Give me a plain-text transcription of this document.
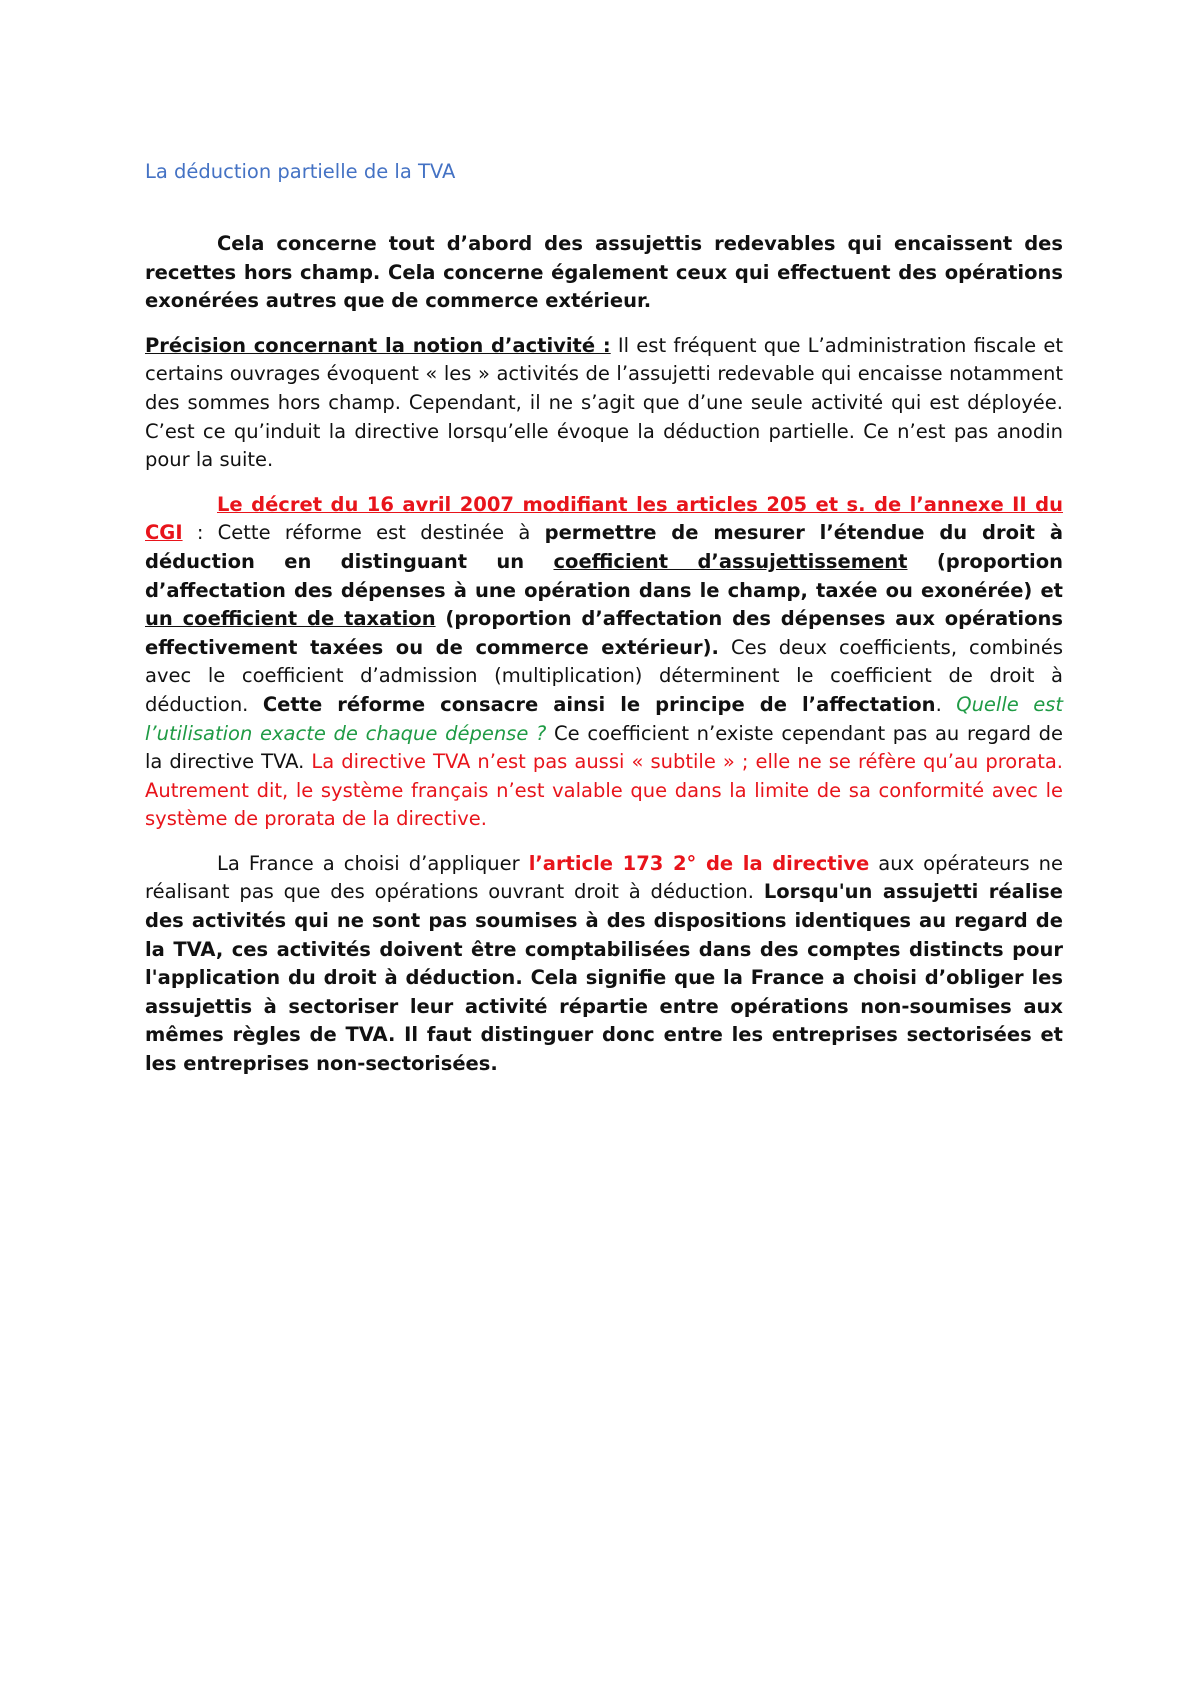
La déduction partielle de la TVA

Cela concerne tout d’abord des assujettis redevables qui encaissent des recettes hors champ. Cela concerne également ceux qui effectuent des opérations exonérées autres que de commerce extérieur.

Précision concernant la notion d’activité : Il est fréquent que L’administration fiscale et certains ouvrages évoquent « les » activités de l’assujetti redevable qui encaisse notamment des sommes hors champ. Cependant, il ne s’agit que d’une seule activité qui est déployée. C’est ce qu’induit la directive lorsqu’elle évoque la déduction partielle. Ce n’est pas anodin pour la suite.

Le décret du 16 avril 2007 modifiant les articles 205 et s. de l’annexe II du CGI : Cette réforme est destinée à permettre de mesurer l’étendue du droit à déduction en distinguant un coefficient d’assujettissement (proportion d’affectation des dépenses à une opération dans le champ, taxée ou exonérée) et un coefficient de taxation (proportion d’affectation des dépenses aux opérations effectivement taxées ou de commerce extérieur). Ces deux coefficients, combinés avec le coefficient d’admission (multiplication) déterminent le coefficient de droit à déduction. Cette réforme consacre ainsi le principe de l’affectation. Quelle est l’utilisation exacte de chaque dépense ? Ce coefficient n’existe cependant pas au regard de la directive TVA. La directive TVA n’est pas aussi « subtile » ; elle ne se réfère qu’au prorata. Autrement dit, le système français n’est valable que dans la limite de sa conformité avec le système de prorata de la directive.

La France a choisi d’appliquer l’article 173 2° de la directive aux opérateurs ne réalisant pas que des opérations ouvrant droit à déduction. Lorsqu'un assujetti réalise des activités qui ne sont pas soumises à des dispositions identiques au regard de la TVA, ces activités doivent être comptabilisées dans des comptes distincts pour l'application du droit à déduction. Cela signifie que la France a choisi d’obliger les assujettis à sectoriser leur activité répartie entre opérations non-soumises aux mêmes règles de TVA. Il faut distinguer donc entre les entreprises sectorisées et les entreprises non-sectorisées.
